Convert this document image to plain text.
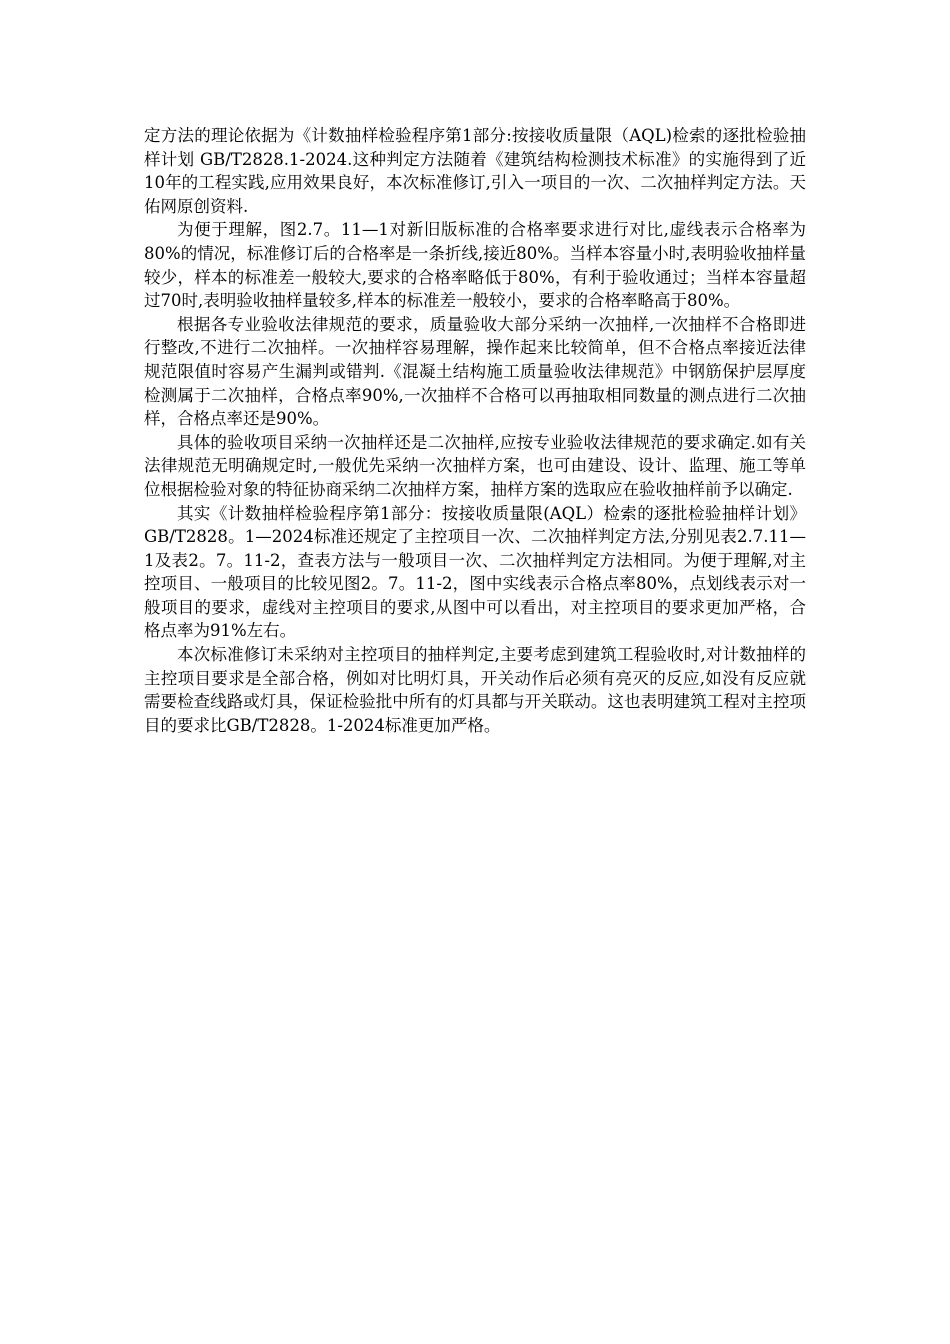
定方法的理论依据为《计数抽样检验程序第1部分:按接收质量限（AQL)检索的逐批检验抽样计划 GB/T2828.1-2024.这种判定方法随着《建筑结构检测技术标准》的实施得到了近10年的工程实践,应用效果良好，本次标准修订,引入一项目的一次、二次抽样判定方法。天佑网原创资料.

为便于理解，图2.7。11—1对新旧版标准的合格率要求进行对比,虚线表示合格率为80%的情况，标准修订后的合格率是一条折线,接近80%。当样本容量小时,表明验收抽样量较少，样本的标准差一般较大,要求的合格率略低于80%，有利于验收通过；当样本容量超过70时,表明验收抽样量较多,样本的标准差一般较小，要求的合格率略高于80%。

根据各专业验收法律规范的要求，质量验收大部分采纳一次抽样,一次抽样不合格即进行整改,不进行二次抽样。一次抽样容易理解，操作起来比较简单，但不合格点率接近法律规范限值时容易产生漏判或错判.《混凝土结构施工质量验收法律规范》中钢筋保护层厚度检测属于二次抽样，合格点率90%,一次抽样不合格可以再抽取相同数量的测点进行二次抽样，合格点率还是90%。

具体的验收项目采纳一次抽样还是二次抽样,应按专业验收法律规范的要求确定.如有关法律规范无明确规定时,一般优先采纳一次抽样方案，也可由建设、设计、监理、施工等单位根据检验对象的特征协商采纳二次抽样方案，抽样方案的选取应在验收抽样前予以确定.

其实《计数抽样检验程序第1部分：按接收质量限(AQL）检索的逐批检验抽样计划》GB/T2828。1—2024标准还规定了主控项目一次、二次抽样判定方法,分别见表2.7.11—1及表2。7。11-2，查表方法与一般项目一次、二次抽样判定方法相同。为便于理解,对主控项目、一般项目的比较见图2。7。11-2，图中实线表示合格点率80%，点划线表示对一般项目的要求，虚线对主控项目的要求,从图中可以看出，对主控项目的要求更加严格，合格点率为91%左右。

本次标准修订未采纳对主控项目的抽样判定,主要考虑到建筑工程验收时,对计数抽样的主控项目要求是全部合格，例如对比明灯具，开关动作后必须有亮灭的反应,如没有反应就需要检查线路或灯具，保证检验批中所有的灯具都与开关联动。这也表明建筑工程对主控项目的要求比GB/T2828。1-2024标准更加严格。
